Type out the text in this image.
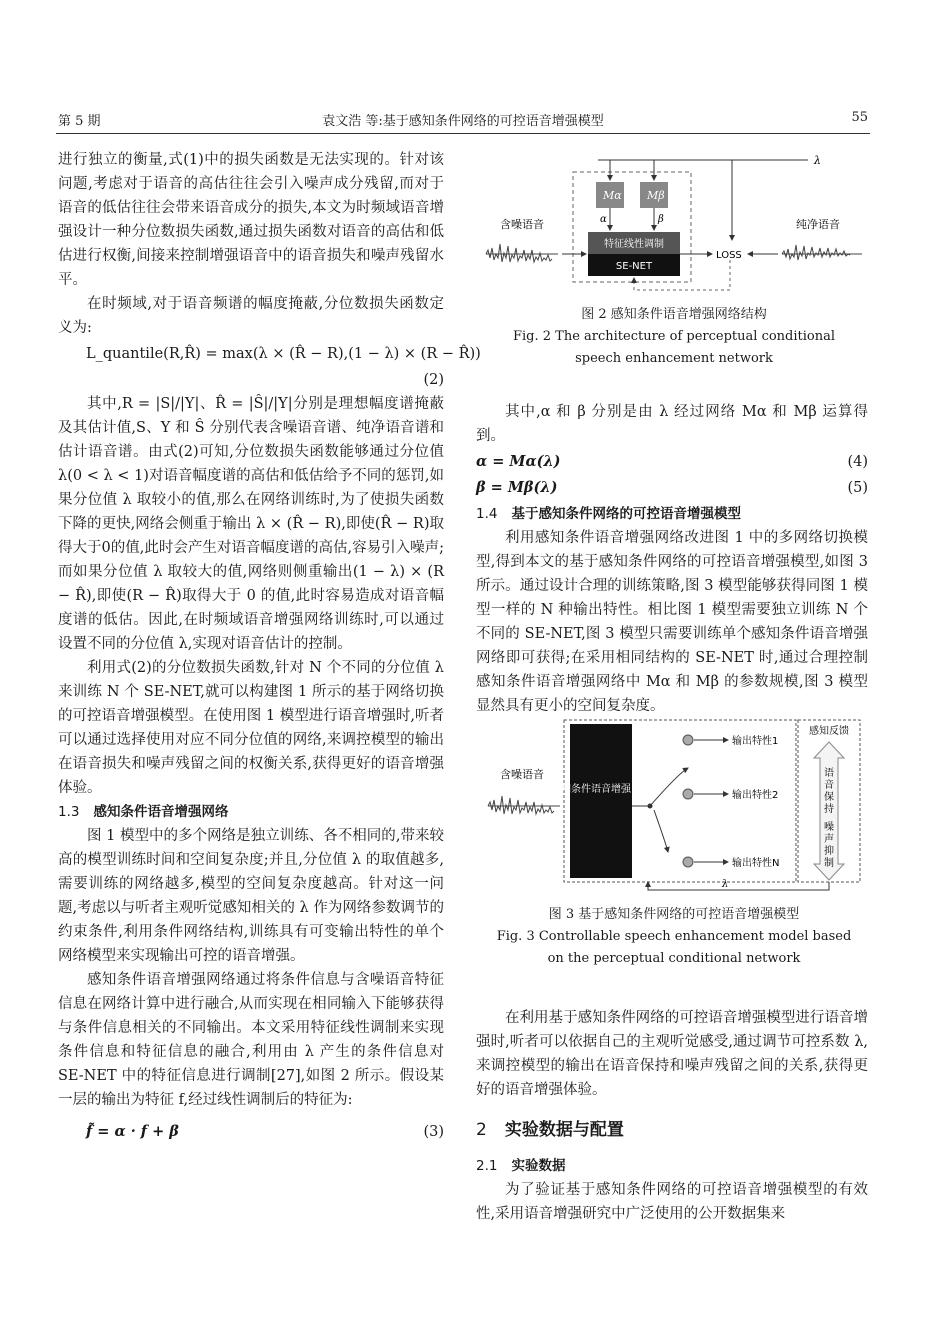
第 5 期	袁文浩 等:基于感知条件网络的可控语音增强模型	55

进行独立的衡量,式(1)中的损失函数是无法实现的。针对该问题,考虑对于语音的高估往往会引入噪声成分残留,而对于语音的低估往往会带来语音成分的损失,本文为时频域语音增强设计一种分位数损失函数,通过损失函数对语音的高估和低估进行权衡,间接来控制增强语音中的语音损失和噪声残留水平。

在时频域,对于语音频谱的幅度掩蔽,分位数损失函数定义为:

L_quantile(R,R̂) = max(λ × (R̂ − R),(1 − λ) × (R − R̂))
(2)

其中,R = |S|/|Y|、R̂ = |Ŝ|/|Y|分别是理想幅度谱掩蔽及其估计值,S、Y 和 Ŝ 分别代表含噪语音谱、纯净语音谱和估计语音谱。由式(2)可知,分位数损失函数能够通过分位值 λ(0 < λ < 1)对语音幅度谱的高估和低估给予不同的惩罚,如果分位值 λ 取较小的值,那么在网络训练时,为了使损失函数下降的更快,网络会侧重于输出 λ × (R̂ − R),即使(R̂ − R)取得大于0的值,此时会产生对语音幅度谱的高估,容易引入噪声;而如果分位值 λ 取较大的值,网络则侧重输出(1 − λ) × (R − R̂),即使(R − R̂)取得大于 0 的值,此时容易造成对语音幅度谱的低估。因此,在时频域语音增强网络训练时,可以通过设置不同的分位值 λ,实现对语音估计的控制。

利用式(2)的分位数损失函数,针对 N 个不同的分位值 λ 来训练 N 个 SE-NET,就可以构建图 1 所示的基于网络切换的可控语音增强模型。在使用图 1 模型进行语音增强时,听者可以通过选择使用对应不同分位值的网络,来调控模型的输出在语音损失和噪声残留之间的权衡关系,获得更好的语音增强体验。

1.3 感知条件语音增强网络

图 1 模型中的多个网络是独立训练、各不相同的,带来较高的模型训练时间和空间复杂度;并且,分位值 λ 的取值越多,需要训练的网络越多,模型的空间复杂度越高。针对这一问题,考虑以与听者主观听觉感知相关的 λ 作为网络参数调节的约束条件,利用条件网络结构,训练具有可变输出特性的单个网络模型来实现输出可控的语音增强。

感知条件语音增强网络通过将条件信息与含噪语音特征信息在网络计算中进行融合,从而实现在相同输入下能够获得与条件信息相关的不同输出。本文采用特征线性调制来实现条件信息和特征信息的融合,利用由 λ 产生的条件信息对 SE-NET 中的特征信息进行调制[27],如图 2 所示。假设某一层的输出为特征 f,经过线性调制后的特征为:

f̃ = α · f + β	(3)
λ
Mα Mβ
α	β
特征线性调制
SE-NET
含噪语音
LOSS
纯净语音
图 2 感知条件语音增强网络结构
Fig. 2 The architecture of perceptual conditional
speech enhancement network

其中,α 和 β 分别是由 λ 经过网络 Mα 和 Mβ 运算得到。

α = Mα(λ)	(4)
β = Mβ(λ)	(5)
1.4 基于感知条件网络的可控语音增强模型

利用感知条件语音增强网络改进图 1 中的多网络切换模型,得到本文的基于感知条件网络的可控语音增强模型,如图 3 所示。通过设计合理的训练策略,图 3 模型能够获得同图 1 模型一样的 N 种输出特性。相比图 1 模型需要独立训练 N 个不同的 SE-NET,图 3 模型只需要训练单个感知条件语音增强网络即可获得;在采用相同结构的 SE-NET 时,通过合理控制感知条件语音增强网络中 Mα 和 Mβ 的参数规模,图 3 模型显然具有更小的空间复杂度。

含噪语音
感知条件语音增强网络
输出特性1
输出特性2
输出特性N
感知反馈
语音保持
噪声抑制
λ
图 3 基于感知条件网络的可控语音增强模型
Fig. 3 Controllable speech enhancement model based
on the perceptual conditional network

在利用基于感知条件网络的可控语音增强模型进行语音增强时,听者可以依据自己的主观听觉感受,通过调节可控系数 λ,来调控模型的输出在语音保持和噪声残留之间的关系,获得更好的语音增强体验。

2 实验数据与配置
2.1 实验数据

为了验证基于感知条件网络的可控语音增强模型的有效性,采用语音增强研究中广泛使用的公开数据集来
